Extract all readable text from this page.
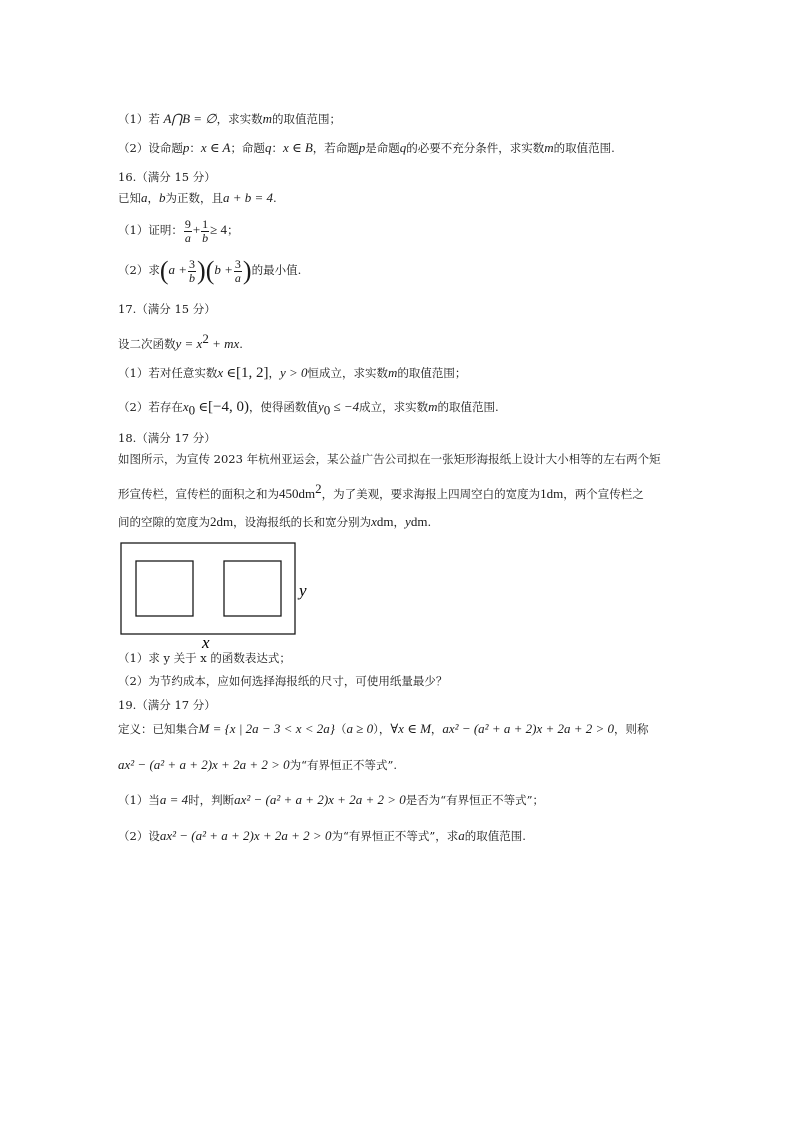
（1）若 A⋂B = ∅，求实数m的取值范围；
（2）设命题p：x ∈ A；命题q：x ∈ B，若命题p是命题q的必要不充分条件，求实数m的取值范围.
16.（满分 15 分）
已知a，b为正数，且a + b = 4.
（1）证明： $\frac{9}{a} + \frac{1}{b} \ge 4$；
（2）求$(a + \frac{3}{b} )(b + \frac{3}{a}$ )的最小值.
17.（满分 15 分）
设二次函数$y = x^2$ + mx.
（1）若对任意实数x ∈[1, 2]，y > 0恒成立，求实数m的取值范围；
（2）若存在$x_0$ ∈[−4, 0)，使得函数值$y_0 \le -4$成立，求实数m的取值范围.
18.（满分 17 分）
如图所示，为宣传 2023 年杭州亚运会，某公益广告公司拟在一张矩形海报纸上设计大小相等的左右两个矩
形宣传栏，宣传栏的面积之和为$450dm^2$，为了美观，要求海报上四周空白的宽度为1dm，两个宣传栏之
间的空隙的宽度为2dm，设海报纸的长和宽分别为xdm，ydm.
y
x
（1）求 y 关于 x 的函数表达式；
（2）为节约成本，应如何选择海报纸的尺寸，可使用纸量最少？
19.（满分 17 分）
定义：已知集合M = {x | 2a − 3 < x < 2a}（a ≥ 0），∀x ∈ M，ax² − (a² + a + 2)x + 2a + 2 > 0，则称
ax² − (a² + a + 2)x + 2a + 2 > 0为“有界恒正不等式”.
（1）当a = 4时，判断ax² − (a² + a + 2)x + 2a + 2 > 0是否为“有界恒正不等式”；
（2）设ax² − (a² + a + 2)x + 2a + 2 > 0为“有界恒正不等式”，求a的取值范围.
